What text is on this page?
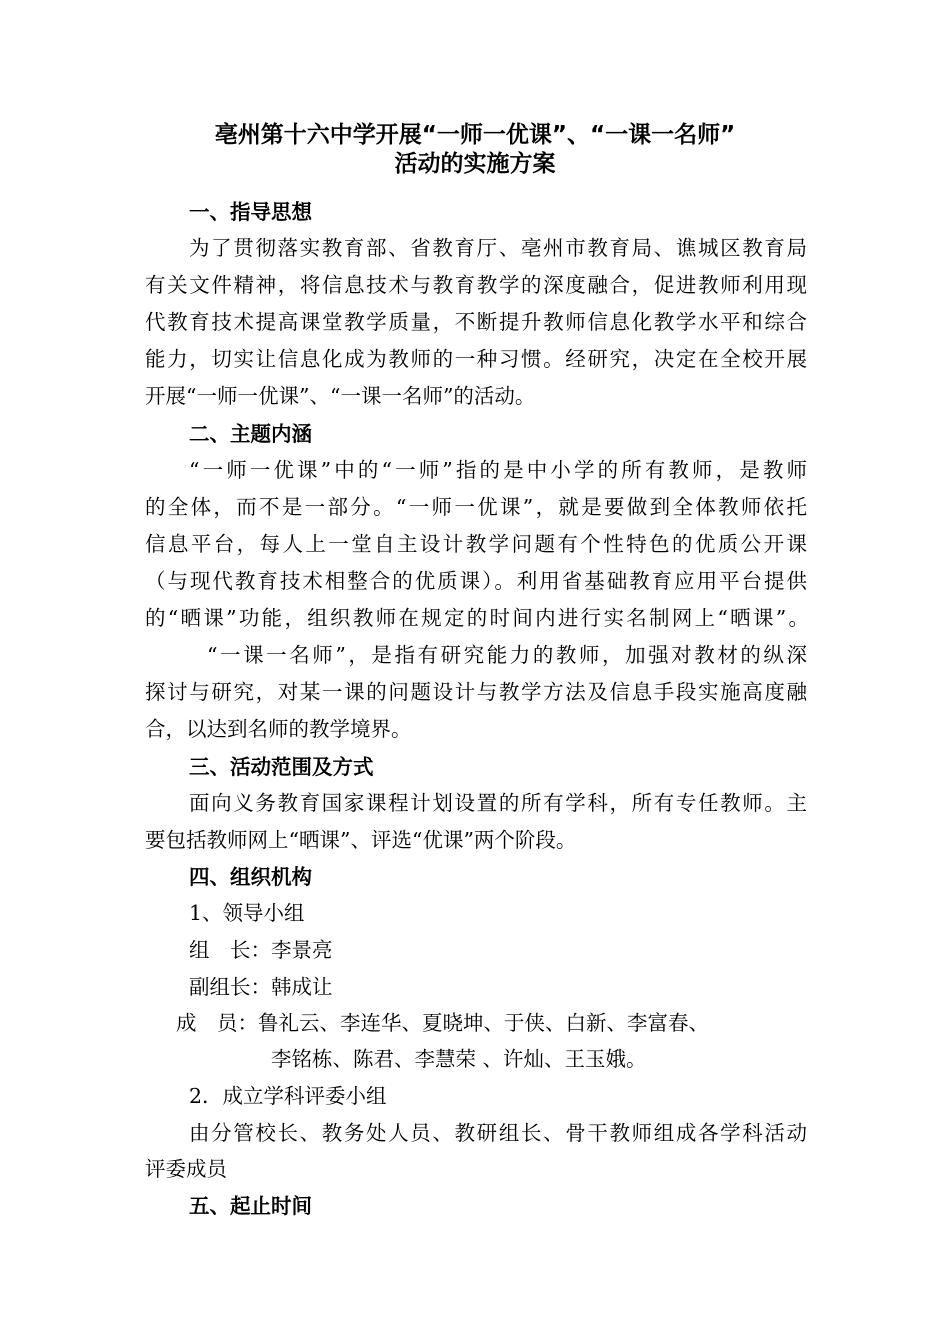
亳州第十六中学开展“一师一优课”、“一课一名师”
活动的实施方案
一、指导思想
为了贯彻落实教育部、省教育厅、亳州市教育局、谯城区教育局
有关文件精神，将信息技术与教育教学的深度融合，促进教师利用现
代教育技术提高课堂教学质量，不断提升教师信息化教学水平和综合
能力，切实让信息化成为教师的一种习惯。经研究，决定在全校开展
开展“一师一优课”、“一课一名师”的活动。
二、主题内涵
“一师一优课”中的“一师”指的是中小学的所有教师，是教师
的全体，而不是一部分。“一师一优课”，就是要做到全体教师依托
信息平台，每人上一堂自主设计教学问题有个性特色的优质公开课
（与现代教育技术相整合的优质课）。利用省基础教育应用平台提供
的“晒课”功能，组织教师在规定的时间内进行实名制网上“晒课”。
“一课一名师”，是指有研究能力的教师，加强对教材的纵深
探讨与研究，对某一课的问题设计与教学方法及信息手段实施高度融
合，以达到名师的教学境界。
三、活动范围及方式
面向义务教育国家课程计划设置的所有学科，所有专任教师。主
要包括教师网上“晒课”、评选“优课”两个阶段。
四、组织机构
1、领导小组
组　长：李景亮
副组长：韩成让
成　员：鲁礼云、李连华、夏晓坤、于侠、白新、李富春、
李铭栋、陈君、李慧荣 、许灿、王玉娥。
2．成立学科评委小组
由分管校长、教务处人员、教研组长、骨干教师组成各学科活动
评委成员
五、起止时间
